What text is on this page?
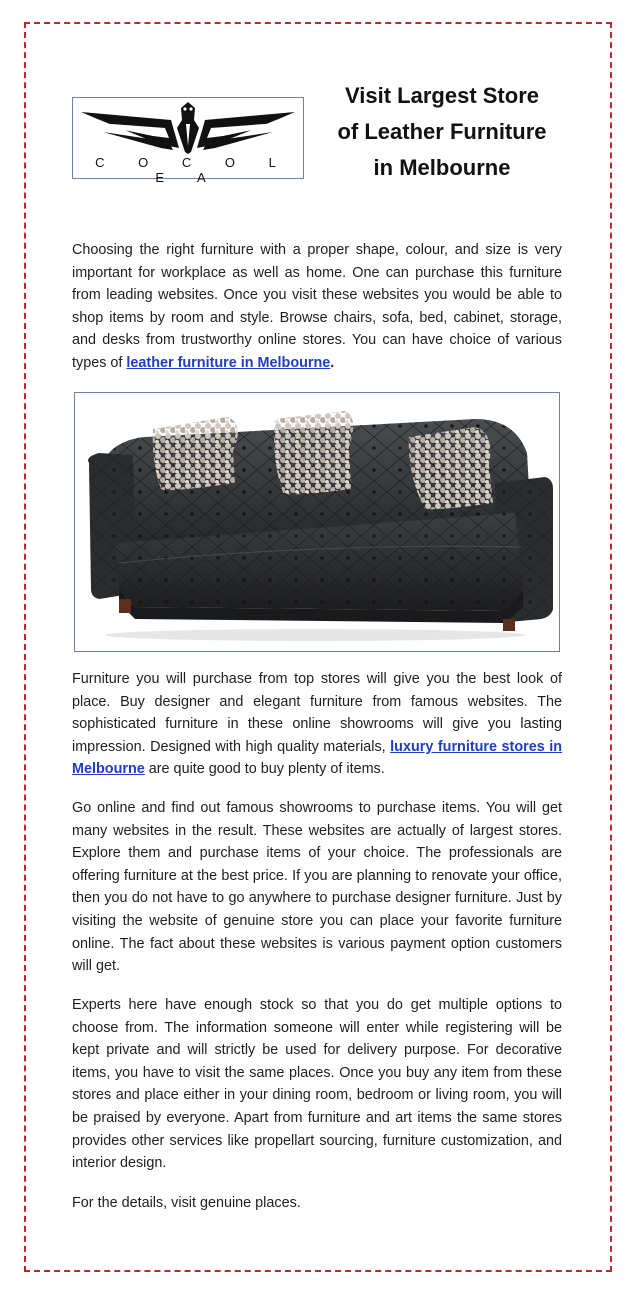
C O C O L E A
Visit Largest Store
of Leather Furniture
in Melbourne

Choosing the right furniture with a proper shape, colour, and size is very important for workplace as well as home. One can purchase this furniture from leading websites. Once you visit these websites you would be able to shop items by room and style. Browse chairs, sofa, bed, cabinet, storage, and desks from trustworthy online stores. You can have choice of various types of leather furniture in Melbourne.

Furniture you will purchase from top stores will give you the best look of place. Buy designer and elegant furniture from famous websites. The sophisticated furniture in these online showrooms will give you lasting impression. Designed with high quality materials, luxury furniture stores in Melbourne are quite good to buy plenty of items.

Go online and find out famous showrooms to purchase items. You will get many websites in the result. These websites are actually of largest stores. Explore them and purchase items of your choice. The professionals are offering furniture at the best price. If you are planning to renovate your office, then you do not have to go anywhere to purchase designer furniture. Just by visiting the website of genuine store you can place your favorite furniture online. The fact about these websites is various payment option customers will get.

Experts here have enough stock so that you do get multiple options to choose from. The information someone will enter while registering will be kept private and will strictly be used for delivery purpose. For decorative items, you have to visit the same places. Once you buy any item from these stores and place either in your dining room, bedroom or living room, you will be praised by everyone. Apart from furniture and art items the same stores provides other services like propellart sourcing, furniture customization, and interior design.

For the details, visit genuine places.
